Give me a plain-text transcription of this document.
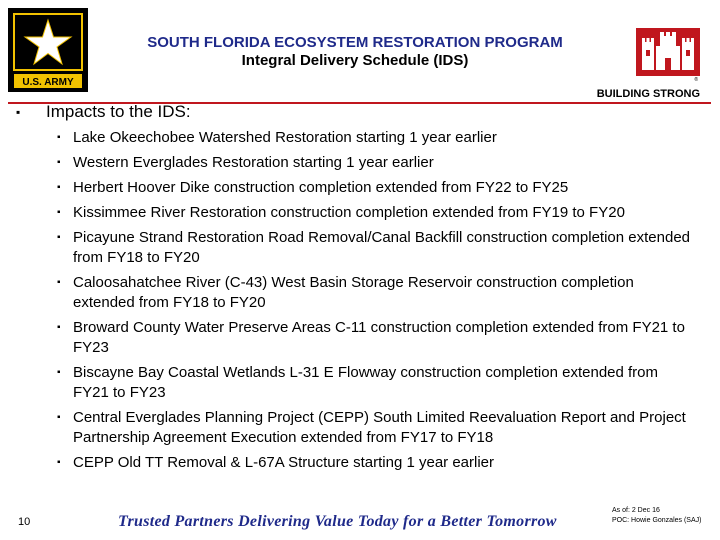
U.S. ARMY
SOUTH FLORIDA ECOSYSTEM RESTORATION PROGRAM
Integral Delivery Schedule (IDS)
®
BUILDING STRONG
▪ Impacts to the IDS:
▪ Lake Okeechobee Watershed Restoration starting 1 year earlier
▪ Western Everglades Restoration starting 1 year earlier
▪ Herbert Hoover Dike construction completion extended from FY22 to FY25
▪ Kissimmee River Restoration construction completion extended from FY19 to FY20
▪ Picayune Strand Restoration Road Removal/Canal Backfill construction completion extended from FY18 to FY20
▪ Caloosahatchee River (C-43) West Basin Storage Reservoir construction completion extended from FY18 to FY20
▪ Broward County Water Preserve Areas C-11 construction completion extended from FY21 to FY23
▪ Biscayne Bay Coastal Wetlands L-31 E Flowway construction completion extended from FY21 to FY23
▪ Central Everglades Planning Project (CEPP) South Limited Reevaluation Report and Project Partnership Agreement Execution extended from FY17 to FY18
▪ CEPP Old TT Removal & L-67A Structure starting 1 year earlier
10	Trusted Partners Delivering Value Today for a Better Tomorrow
As of: 2 Dec 16
POC: Howie Gonzales (SAJ)
